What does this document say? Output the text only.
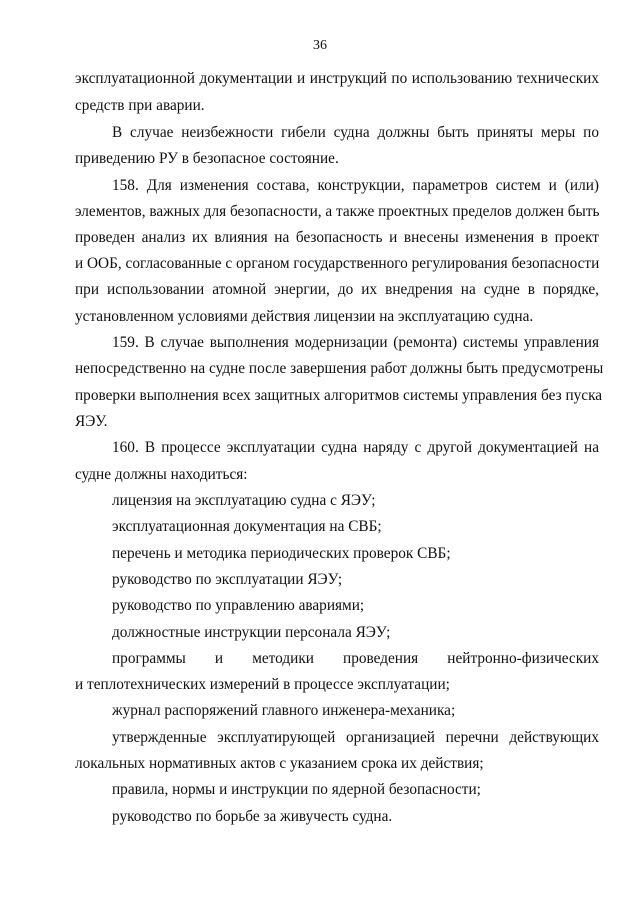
36
эксплуатационной документации и инструкций по использованию технических
средств при аварии.
В случае неизбежности гибели судна должны быть приняты меры по
приведению РУ в безопасное состояние.
158. Для изменения состава, конструкции, параметров систем и (или)
элементов, важных для безопасности, а также проектных пределов должен быть
проведен анализ их влияния на безопасность и внесены изменения в проект
и ООБ, согласованные с органом государственного регулирования безопасности
при использовании атомной энергии, до их внедрения на судне в порядке,
установленном условиями действия лицензии на эксплуатацию судна.
159. В случае выполнения модернизации (ремонта) системы управления
непосредственно на судне после завершения работ должны быть предусмотрены
проверки выполнения всех защитных алгоритмов системы управления без пуска
ЯЭУ.
160. В процессе эксплуатации судна наряду с другой документацией на
судне должны находиться:
лицензия на эксплуатацию судна с ЯЭУ;
эксплуатационная документация на СВБ;
перечень и методика периодических проверок СВБ;
руководство по эксплуатации ЯЭУ;
руководство по управлению авариями;
должностные инструкции персонала ЯЭУ;
программы и методики проведения нейтронно-физических
и теплотехнических измерений в процессе эксплуатации;
журнал распоряжений главного инженера-механика;
утвержденные эксплуатирующей организацией перечни действующих
локальных нормативных актов с указанием срока их действия;
правила, нормы и инструкции по ядерной безопасности;
руководство по борьбе за живучесть судна.
